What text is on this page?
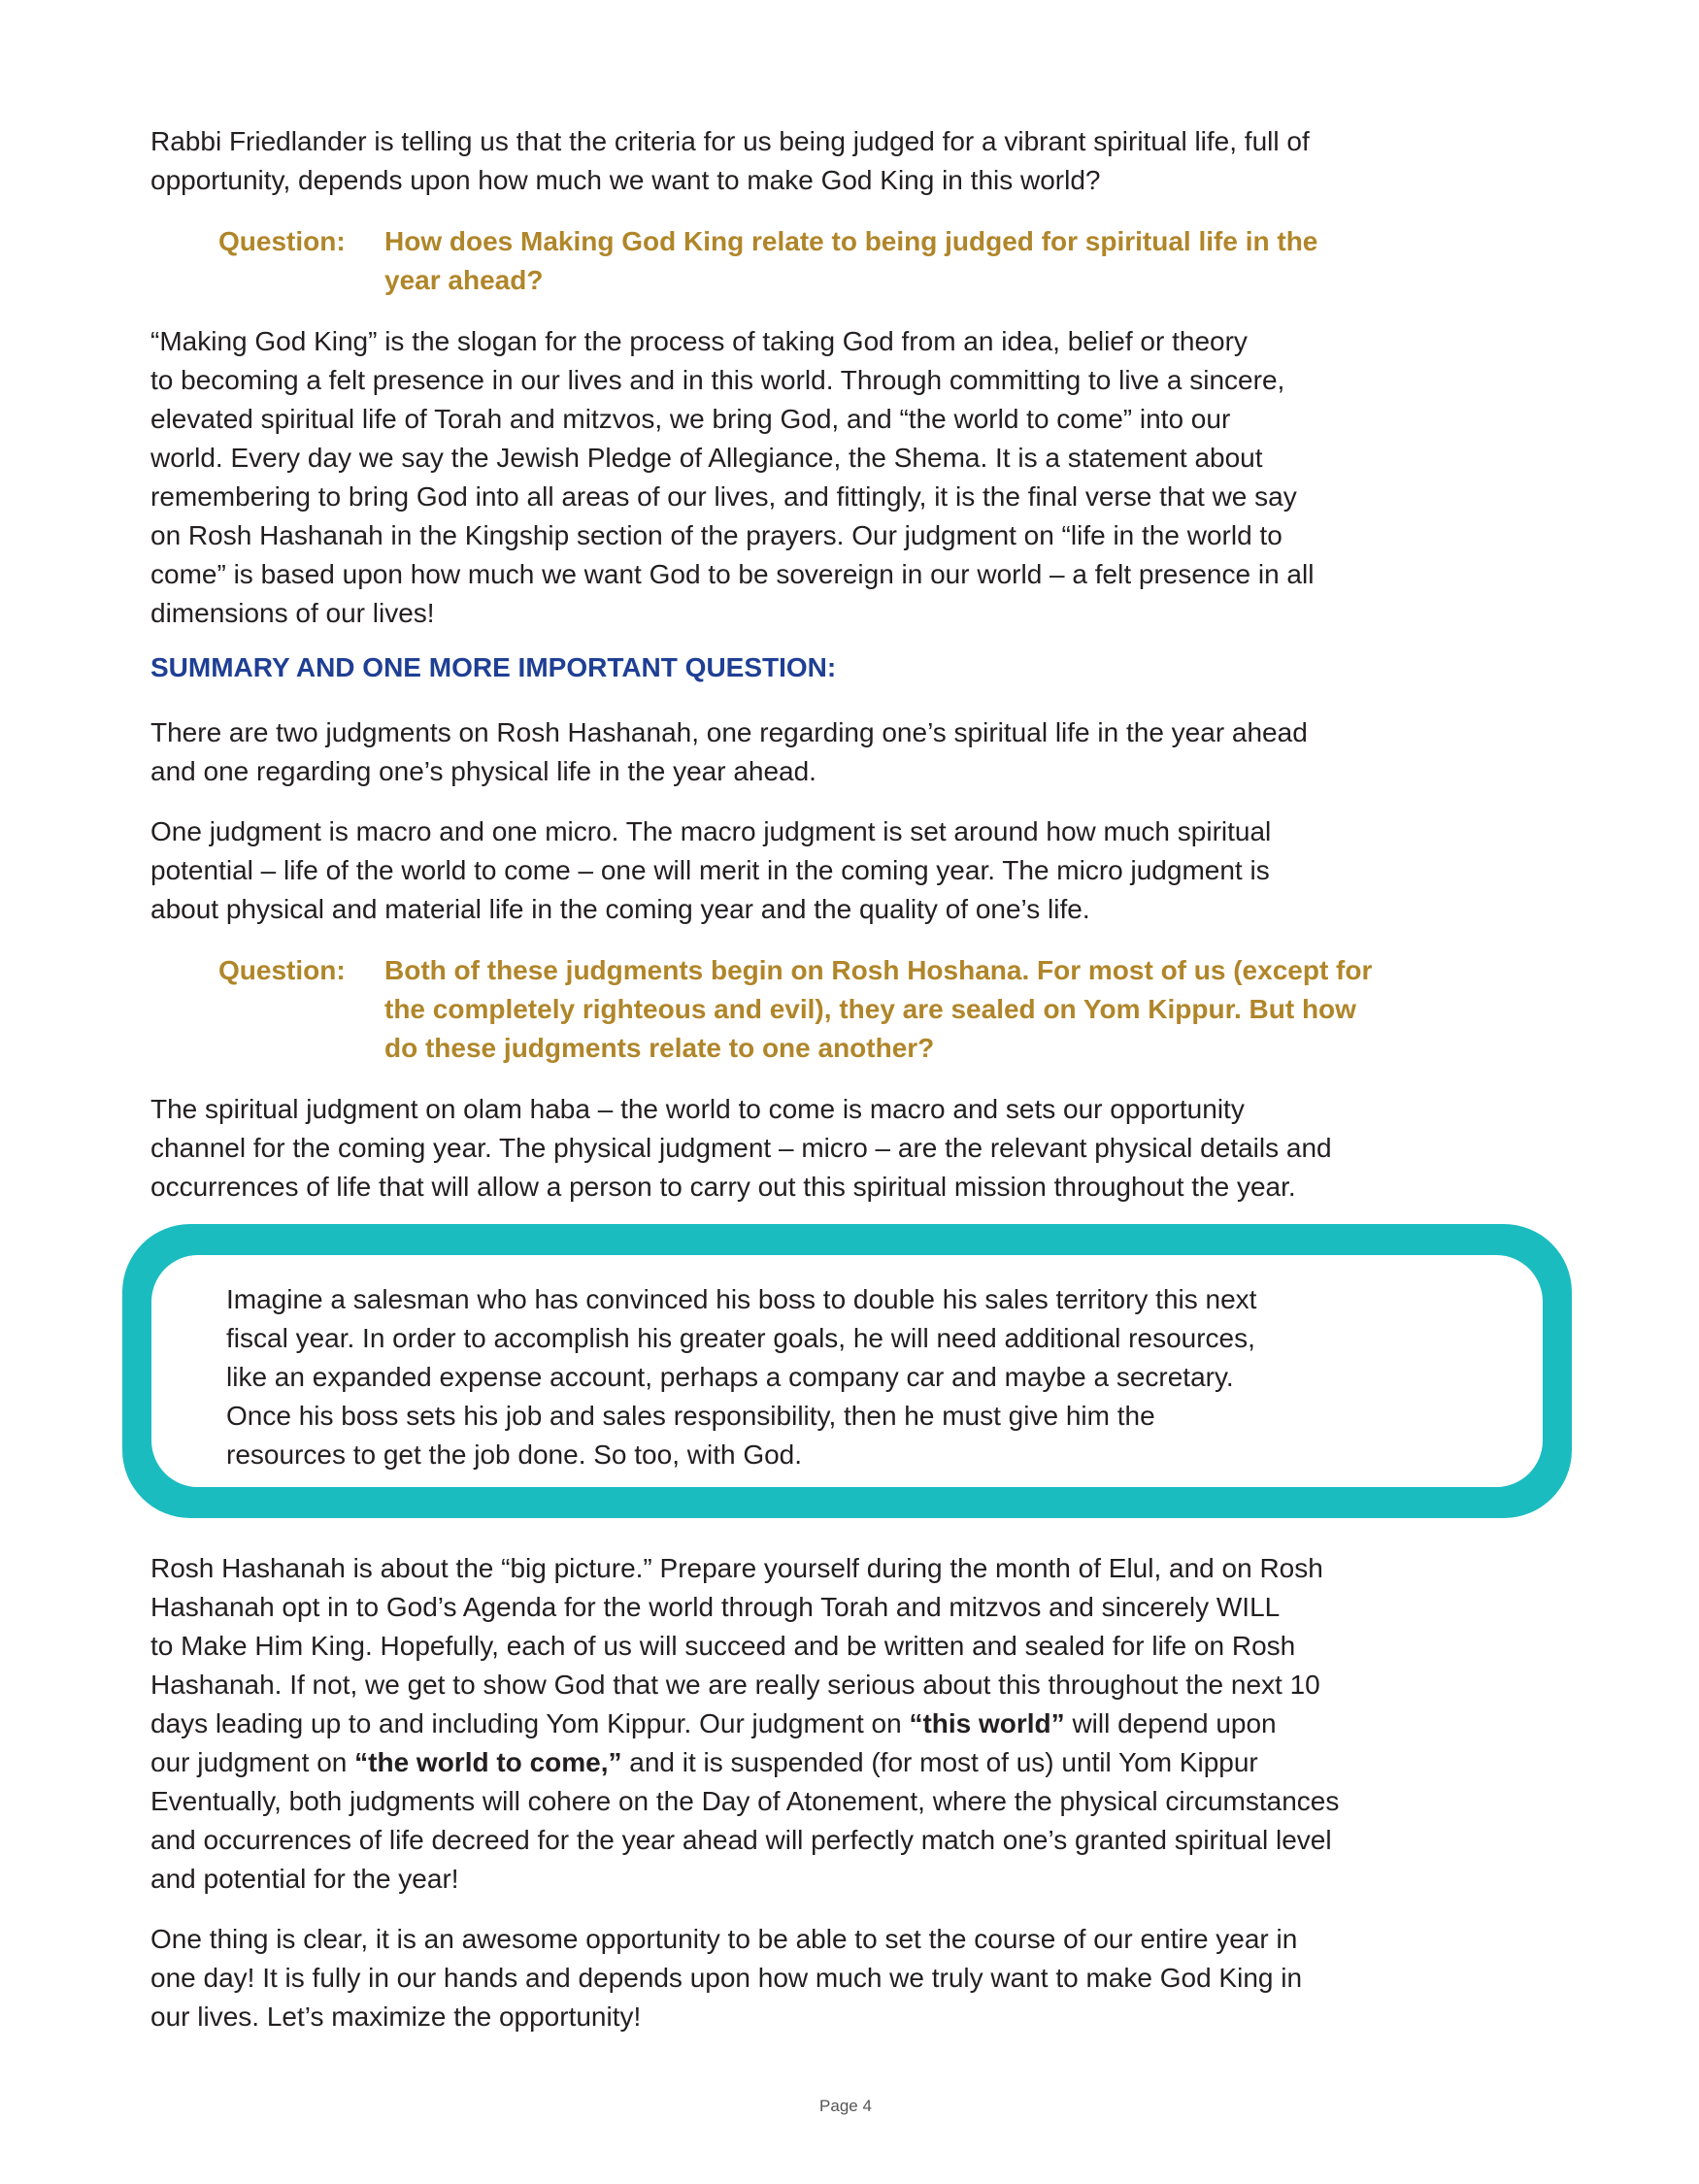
Rabbi Friedlander is telling us that the criteria for us being judged for a vibrant spiritual life, full of
opportunity, depends upon how much we want to make God King in this world?
Question: How does Making God King relate to being judged for spiritual life in the
year ahead?
“Making God King” is the slogan for the process of taking God from an idea, belief or theory
to becoming a felt presence in our lives and in this world. Through committing to live a sincere,
elevated spiritual life of Torah and mitzvos, we bring God, and “the world to come” into our
world. Every day we say the Jewish Pledge of Allegiance, the Shema. It is a statement about
remembering to bring God into all areas of our lives, and fittingly, it is the final verse that we say
on Rosh Hashanah in the Kingship section of the prayers. Our judgment on “life in the world to
come” is based upon how much we want God to be sovereign in our world – a felt presence in all
dimensions of our lives!
SUMMARY AND ONE MORE IMPORTANT QUESTION:
There are two judgments on Rosh Hashanah, one regarding one’s spiritual life in the year ahead
and one regarding one’s physical life in the year ahead.
One judgment is macro and one micro. The macro judgment is set around how much spiritual
potential – life of the world to come – one will merit in the coming year. The micro judgment is
about physical and material life in the coming year and the quality of one’s life.
Question: Both of these judgments begin on Rosh Hoshana. For most of us (except for
the completely righteous and evil), they are sealed on Yom Kippur. But how
do these judgments relate to one another?
The spiritual judgment on olam haba – the world to come is macro and sets our opportunity
channel for the coming year. The physical judgment – micro – are the relevant physical details and
occurrences of life that will allow a person to carry out this spiritual mission throughout the year.
Imagine a salesman who has convinced his boss to double his sales territory this next
fiscal year. In order to accomplish his greater goals, he will need additional resources,
like an expanded expense account, perhaps a company car and maybe a secretary.
Once his boss sets his job and sales responsibility, then he must give him the
resources to get the job done. So too, with God.
Rosh Hashanah is about the “big picture.” Prepare yourself during the month of Elul, and on Rosh
Hashanah opt in to God’s Agenda for the world through Torah and mitzvos and sincerely WILL
to Make Him King. Hopefully, each of us will succeed and be written and sealed for life on Rosh
Hashanah. If not, we get to show God that we are really serious about this throughout the next 10
days leading up to and including Yom Kippur. Our judgment on “this world” will depend upon
our judgment on “the world to come,” and it is suspended (for most of us) until Yom Kippur
Eventually, both judgments will cohere on the Day of Atonement, where the physical circumstances
and occurrences of life decreed for the year ahead will perfectly match one’s granted spiritual level
and potential for the year!
One thing is clear, it is an awesome opportunity to be able to set the course of our entire year in
one day! It is fully in our hands and depends upon how much we truly want to make God King in
our lives. Let’s maximize the opportunity!
Page 4
